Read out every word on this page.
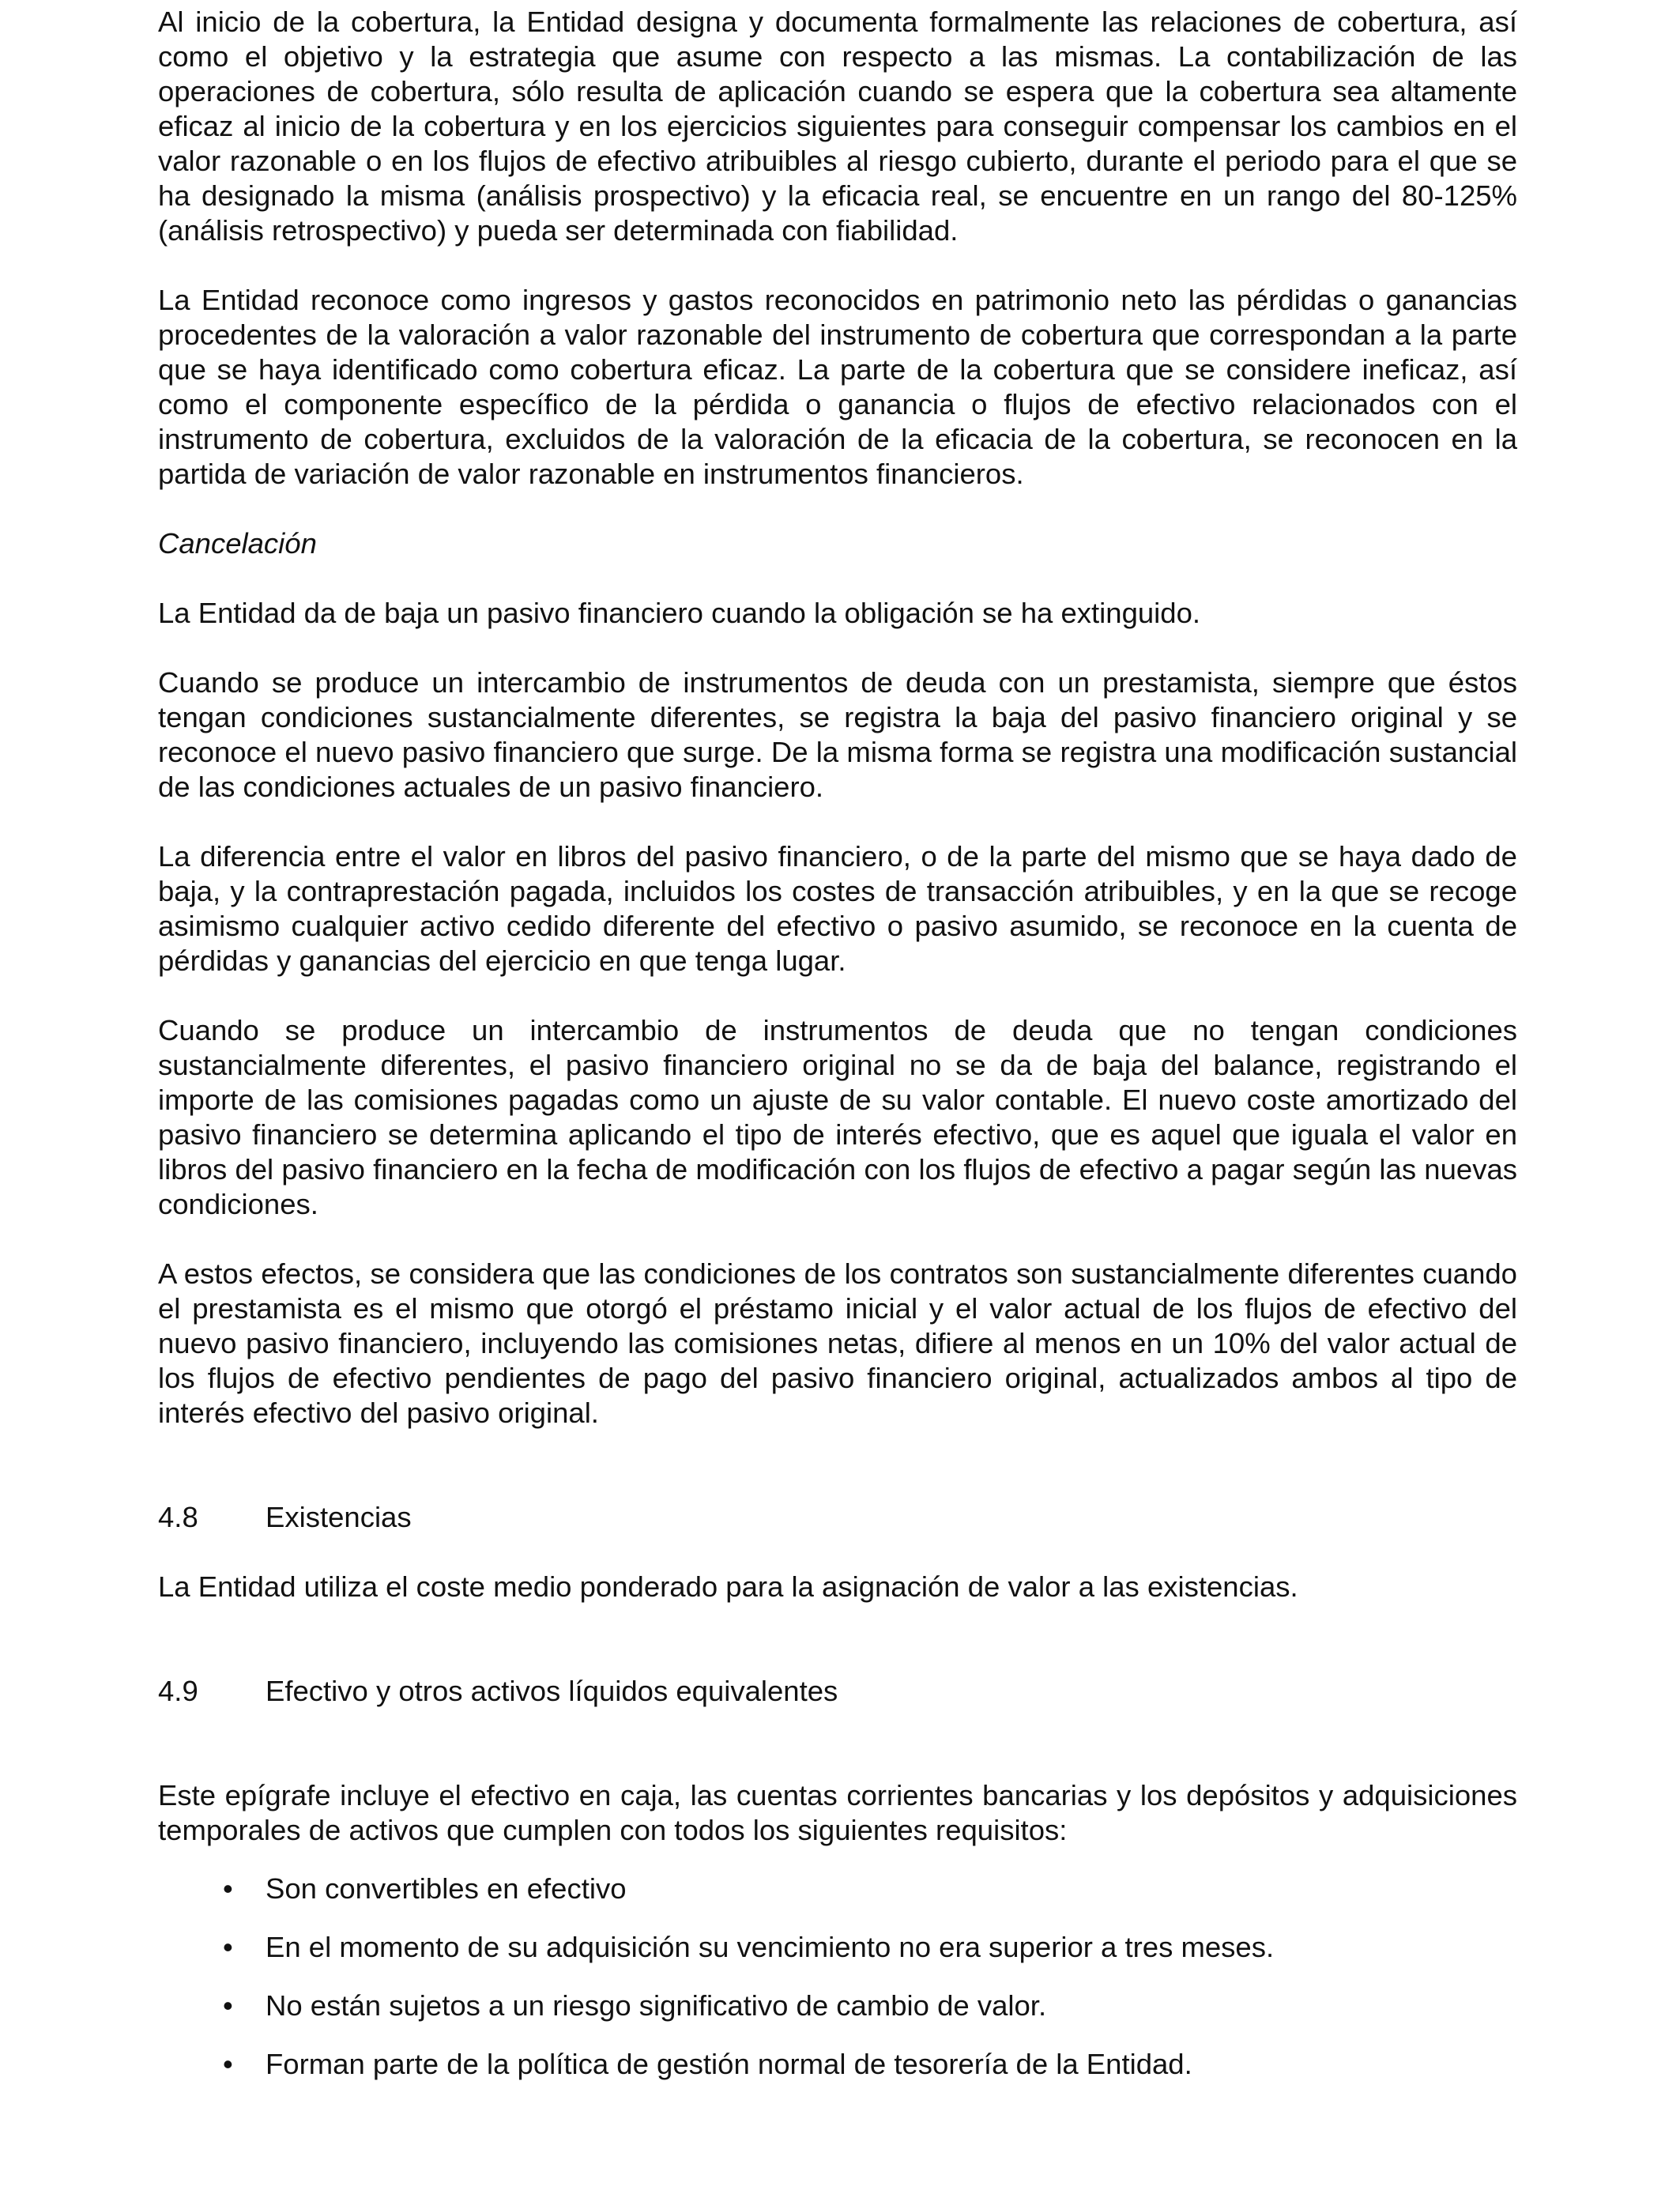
Al inicio de la cobertura, la Entidad designa y documenta formalmente las relaciones de cobertura, así como el objetivo y la estrategia que asume con respecto a las mismas. La contabilización de las operaciones de cobertura, sólo resulta de aplicación cuando se espera que la cobertura sea altamente eficaz al inicio de la cobertura y en los ejercicios siguientes para conseguir compensar los cambios en el valor razonable o en los flujos de efectivo atribuibles al riesgo cubierto, durante el periodo para el que se ha designado la misma (análisis prospectivo) y la eficacia real, se encuentre en un rango del 80-125% (análisis retrospectivo) y pueda ser determinada con fiabilidad.

La Entidad reconoce como ingresos y gastos reconocidos en patrimonio neto las pérdidas o ganancias procedentes de la valoración a valor razonable del instrumento de cobertura que correspondan a la parte que se haya identificado como cobertura eficaz. La parte de la cobertura que se considere ineficaz, así como el componente específico de la pérdida o ganancia o flujos de efectivo relacionados con el instrumento de cobertura, excluidos de la valoración de la eficacia de la cobertura, se reconocen en la partida de variación de valor razonable en instrumentos financieros.

Cancelación

La Entidad da de baja un pasivo financiero cuando la obligación se ha extinguido.

Cuando se produce un intercambio de instrumentos de deuda con un prestamista, siempre que éstos tengan condiciones sustancialmente diferentes, se registra la baja del pasivo financiero original y se reconoce el nuevo pasivo financiero que surge. De la misma forma se registra una modificación sustancial de las condiciones actuales de un pasivo financiero.

La diferencia entre el valor en libros del pasivo financiero, o de la parte del mismo que se haya dado de baja, y la contraprestación pagada, incluidos los costes de transacción atribuibles, y en la que se recoge asimismo cualquier activo cedido diferente del efectivo o pasivo asumido, se reconoce en la cuenta de pérdidas y ganancias del ejercicio en que tenga lugar.

Cuando se produce un intercambio de instrumentos de deuda que no tengan condiciones sustancialmente diferentes, el pasivo financiero original no se da de baja del balance, registrando el importe de las comisiones pagadas como un ajuste de su valor contable. El nuevo coste amortizado del pasivo financiero se determina aplicando el tipo de interés efectivo, que es aquel que iguala el valor en libros del pasivo financiero en la fecha de modificación con los flujos de efectivo a pagar según las nuevas condiciones.

A estos efectos, se considera que las condiciones de los contratos son sustancialmente diferentes cuando el prestamista es el mismo que otorgó el préstamo inicial y el valor actual de los flujos de efectivo del nuevo pasivo financiero, incluyendo las comisiones netas, difiere al menos en un 10% del valor actual de los flujos de efectivo pendientes de pago del pasivo financiero original, actualizados ambos al tipo de interés efectivo del pasivo original.

4.8	Existencias

La Entidad utiliza el coste medio ponderado para la asignación de valor a las existencias.

4.9	Efectivo y otros activos líquidos equivalentes

Este epígrafe incluye el efectivo en caja, las cuentas corrientes bancarias y los depósitos y adquisiciones temporales de activos que cumplen con todos los siguientes requisitos:

•	Son convertibles en efectivo
•	En el momento de su adquisición su vencimiento no era superior a tres meses.
•	No están sujetos a un riesgo significativo de cambio de valor.
•	Forman parte de la política de gestión normal de tesorería de la Entidad.
